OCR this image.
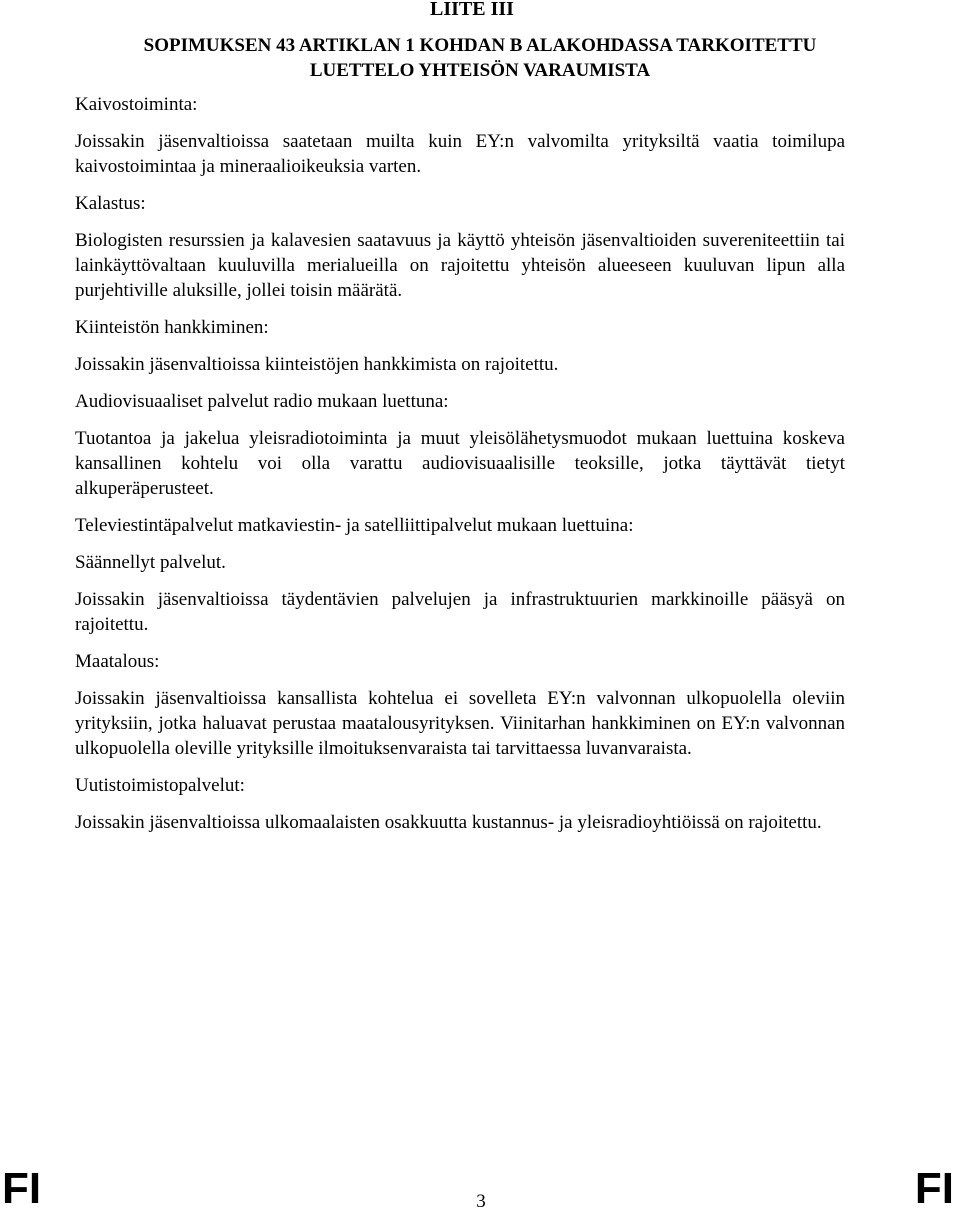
LIITE III
SOPIMUKSEN 43 ARTIKLAN 1 KOHDAN B ALAKOHDASSA TARKOITETTU
LUETTELO YHTEISÖN VARAUMISTA

Kaivostoiminta:

Joissakin jäsenvaltioissa saatetaan muilta kuin EY:n valvomilta yrityksiltä vaatia toimilupa kaivostoimintaa ja mineraalioikeuksia varten.

Kalastus:

Biologisten resurssien ja kalavesien saatavuus ja käyttö yhteisön jäsenvaltioiden suvereniteettiin tai lainkäyttövaltaan kuuluvilla merialueilla on rajoitettu yhteisön alueeseen kuuluvan lipun alla purjehtiville aluksille, jollei toisin määrätä.

Kiinteistön hankkiminen:

Joissakin jäsenvaltioissa kiinteistöjen hankkimista on rajoitettu.

Audiovisuaaliset palvelut radio mukaan luettuna:

Tuotantoa ja jakelua yleisradiotoiminta ja muut yleisölähetysmuodot mukaan luettuina koskeva kansallinen kohtelu voi olla varattu audiovisuaalisille teoksille, jotka täyttävät tietyt alkuperäperusteet.

Televiestintäpalvelut matkaviestin- ja satelliittipalvelut mukaan luettuina:

Säännellyt palvelut.

Joissakin jäsenvaltioissa täydentävien palvelujen ja infrastruktuurien markkinoille pääsyä on rajoitettu.

Maatalous:

Joissakin jäsenvaltioissa kansallista kohtelua ei sovelleta EY:n valvonnan ulkopuolella oleviin yrityksiin, jotka haluavat perustaa maatalousyrityksen. Viinitarhan hankkiminen on EY:n valvonnan ulkopuolella oleville yrityksille ilmoituksenvaraista tai tarvittaessa luvanvaraista.

Uutistoimistopalvelut:

Joissakin jäsenvaltioissa ulkomaalaisten osakkuutta kustannus- ja yleisradioyhtiöissä on rajoitettu.

FI	3	FI
